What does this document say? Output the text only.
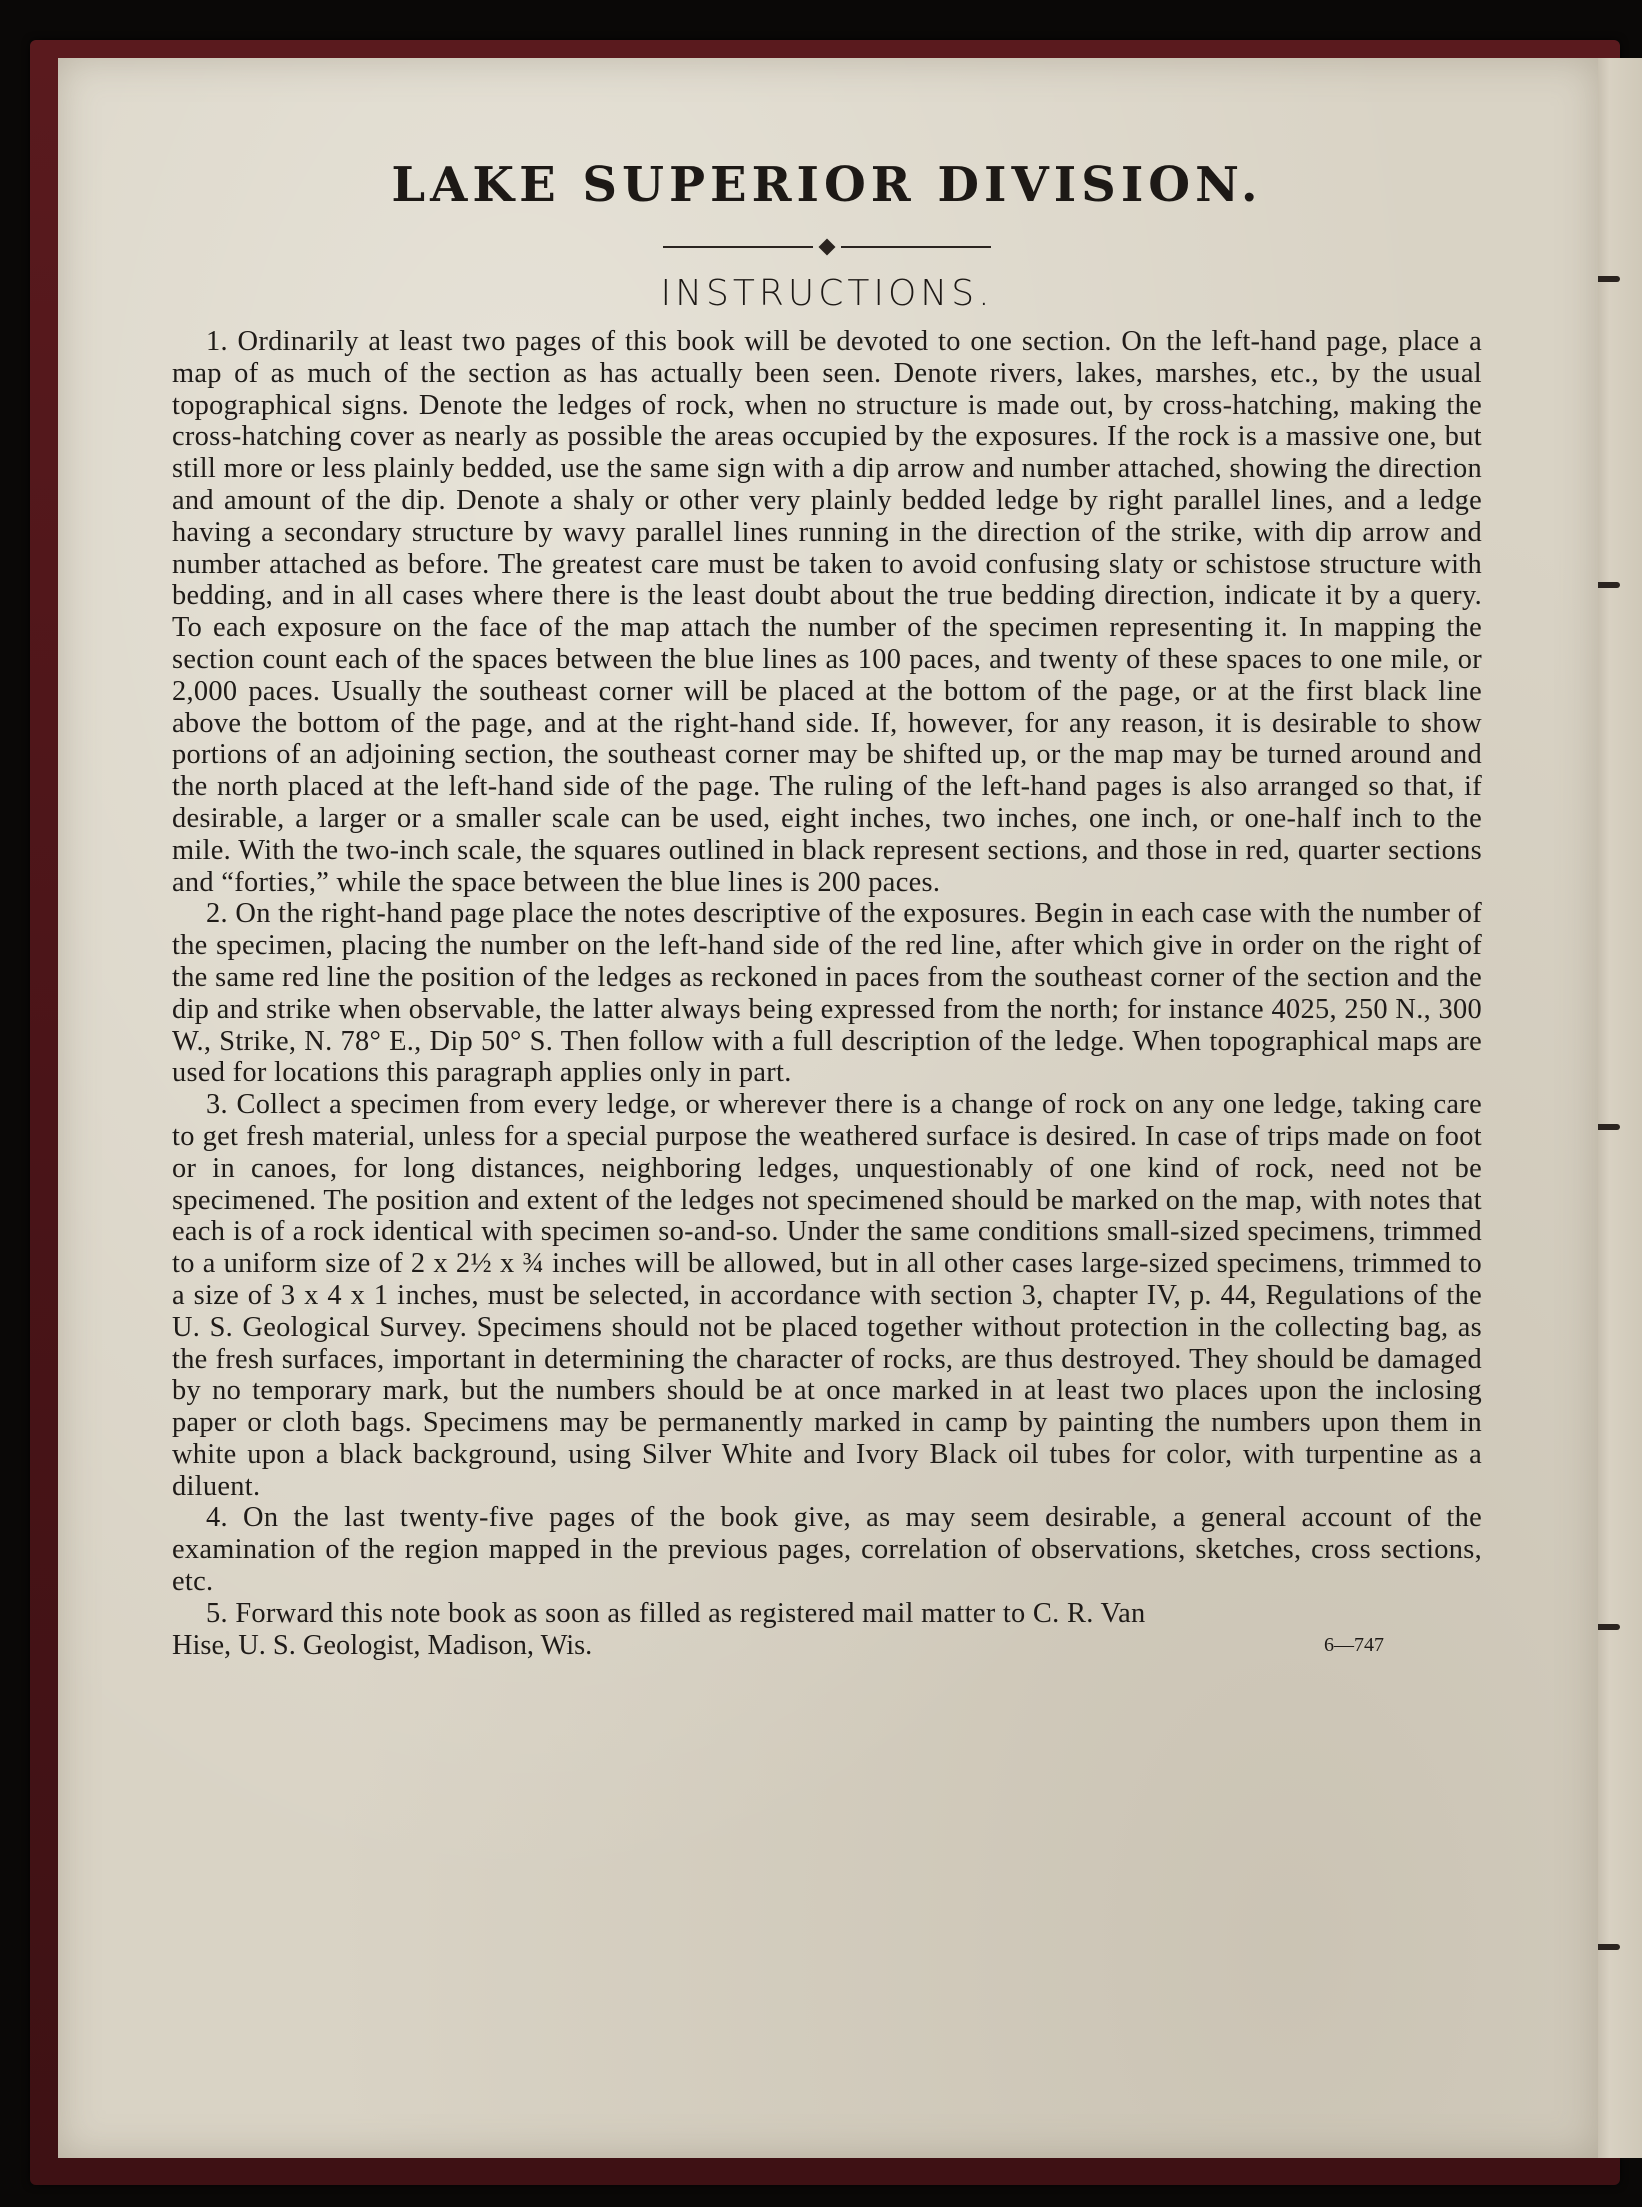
LAKE SUPERIOR DIVISION.
INSTRUCTIONS.

1. Ordinarily at least two pages of this book will be devoted to one section. On the left-hand page, place a map of as much of the section as has actually been seen. Denote rivers, lakes, marshes, etc., by the usual topographical signs. Denote the ledges of rock, when no structure is made out, by cross-hatching, making the cross-hatching cover as nearly as possible the areas occupied by the exposures. If the rock is a massive one, but still more or less plainly bedded, use the same sign with a dip arrow and number attached, showing the direction and amount of the dip. Denote a shaly or other very plainly bedded ledge by right parallel lines, and a ledge having a secondary structure by wavy parallel lines running in the direction of the strike, with dip arrow and number attached as before. The greatest care must be taken to avoid confusing slaty or schistose structure with bedding, and in all cases where there is the least doubt about the true bedding direction, indicate it by a query. To each exposure on the face of the map attach the number of the specimen representing it. In mapping the section count each of the spaces between the blue lines as 100 paces, and twenty of these spaces to one mile, or 2,000 paces. Usually the southeast corner will be placed at the bottom of the page, or at the first black line above the bottom of the page, and at the right-hand side. If, however, for any reason, it is desirable to show portions of an adjoining section, the southeast corner may be shifted up, or the map may be turned around and the north placed at the left-hand side of the page. The ruling of the left-hand pages is also arranged so that, if desirable, a larger or a smaller scale can be used, eight inches, two inches, one inch, or one-half inch to the mile. With the two-inch scale, the squares outlined in black represent sections, and those in red, quarter sections and “forties,” while the space between the blue lines is 200 paces.

2. On the right-hand page place the notes descriptive of the exposures. Begin in each case with the number of the specimen, placing the number on the left-hand side of the red line, after which give in order on the right of the same red line the position of the ledges as reckoned in paces from the southeast corner of the section and the dip and strike when observable, the latter always being expressed from the north; for instance 4025, 250 N., 300 W., Strike, N. 78° E., Dip 50° S. Then follow with a full description of the ledge. When topographical maps are used for locations this paragraph applies only in part.

3. Collect a specimen from every ledge, or wherever there is a change of rock on any one ledge, taking care to get fresh material, unless for a special purpose the weathered surface is desired. In case of trips made on foot or in canoes, for long distances, neighboring ledges, unquestionably of one kind of rock, need not be specimened. The position and extent of the ledges not specimened should be marked on the map, with notes that each is of a rock identical with specimen so-and-so. Under the same conditions small-sized specimens, trimmed to a uniform size of 2 x 2½ x ¾ inches will be allowed, but in all other cases large-sized specimens, trimmed to a size of 3 x 4 x 1 inches, must be selected, in accordance with section 3, chapter IV, p. 44, Regulations of the U. S. Geological Survey. Specimens should not be placed together without protection in the collecting bag, as the fresh surfaces, important in determining the character of rocks, are thus destroyed. They should be damaged by no temporary mark, but the numbers should be at once marked in at least two places upon the inclosing paper or cloth bags. Specimens may be permanently marked in camp by painting the numbers upon them in white upon a black background, using Silver White and Ivory Black oil tubes for color, with turpentine as a diluent.

4. On the last twenty-five pages of the book give, as may seem desirable, a general account of the examination of the region mapped in the previous pages, correlation of observations, sketches, cross sections, etc.

5. Forward this note book as soon as filled as registered mail matter to C. R. Van

Hise, U. S. Geologist, Madison, Wis.	6—747
